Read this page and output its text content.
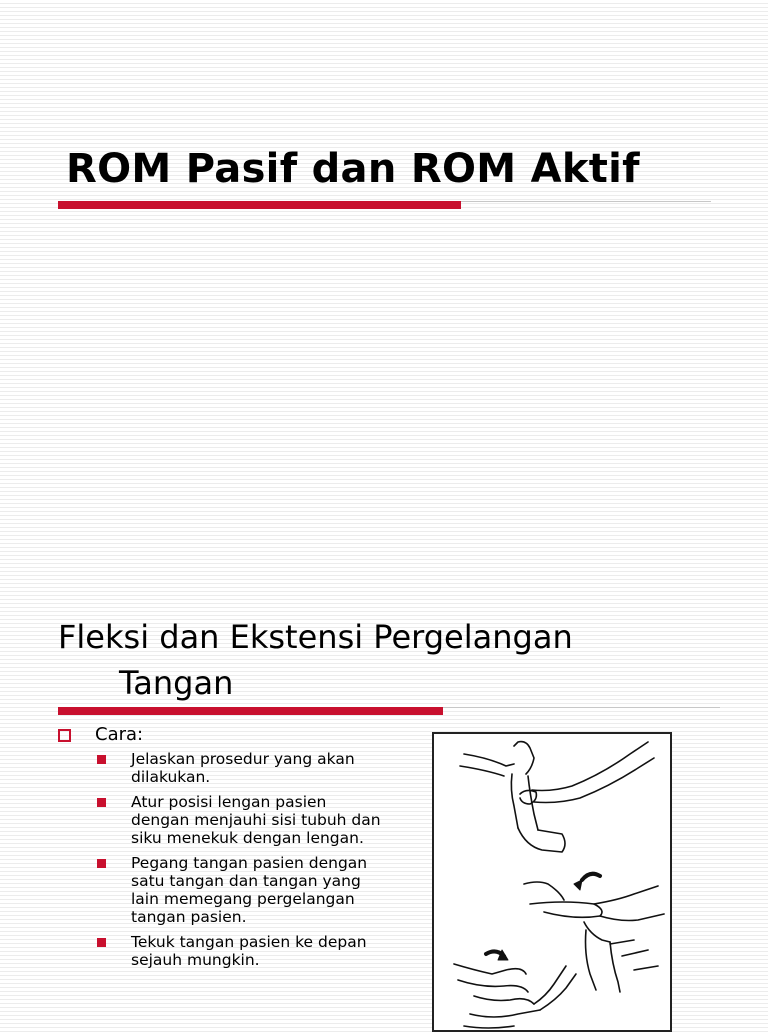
ROM Pasif dan ROM Aktif
Fleksi dan Ekstensi Pergelangan
Tangan
Cara:
Jelaskan prosedur yang akan dilakukan.
Atur posisi lengan pasien dengan menjauhi sisi tubuh dan siku menekuk dengan lengan.
Pegang tangan pasien dengan satu tangan dan tangan yang lain memegang pergelangan tangan pasien.
Tekuk tangan pasien ke depan sejauh mungkin.
